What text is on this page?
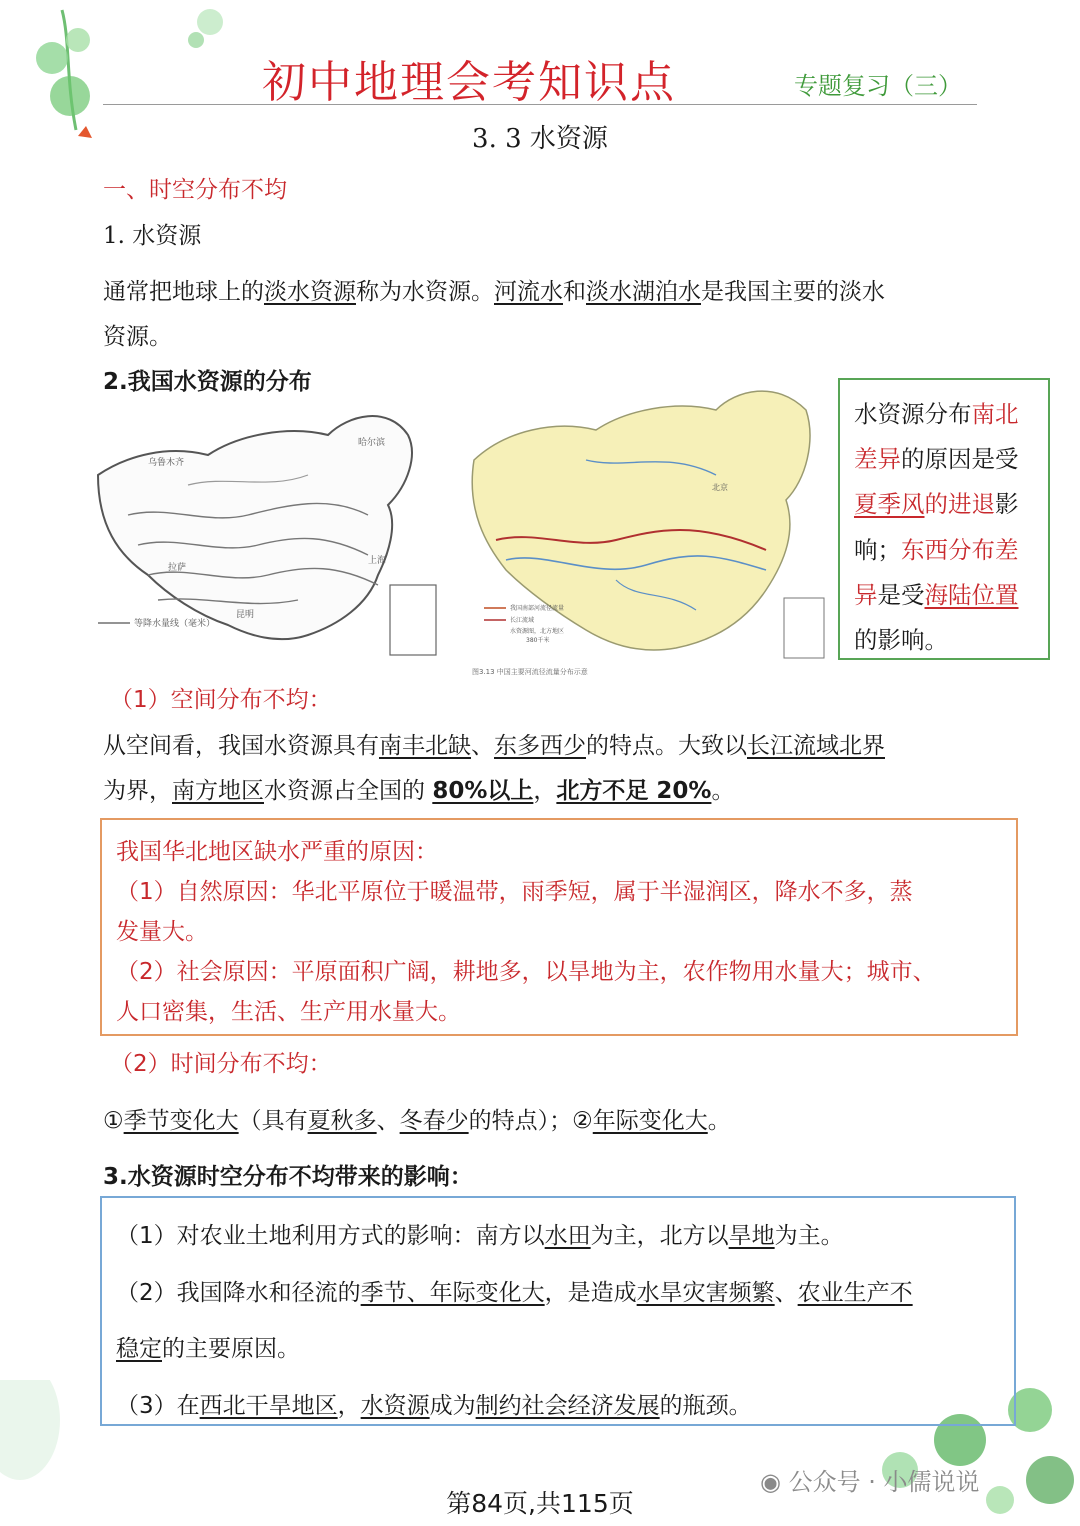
初中地理会考知识点	专题复习（三）
3. 3 水资源
一、时空分布不均
1. 水资源
通常把地球上的淡水资源称为水资源。河流水和淡水湖泊水是我国主要的淡水
资源。
2.我国水资源的分布
乌鲁木齐
哈尔滨
拉萨
上海
昆明
等降水量线（毫米）
北京
我国南部河流径流量
长江流域
水资源图，北方地区
380千米
图3.13 中国主要河流径流量分布示意
水资源分布南北
差异的原因是受
夏季风的进退影
响；东西分布差
异是受海陆位置
的影响。
（1）空间分布不均：
从空间看，我国水资源具有南丰北缺、东多西少的特点。大致以长江流域北界
为界，南方地区水资源占全国的 80%以上，北方不足 20%。
我国华北地区缺水严重的原因：
（1）自然原因：华北平原位于暖温带，雨季短，属于半湿润区，降水不多，蒸
发量大。
（2）社会原因：平原面积广阔，耕地多，以旱地为主，农作物用水量大；城市、
人口密集，生活、生产用水量大。
（2）时间分布不均：
①季节变化大（具有夏秋多、冬春少的特点）；②年际变化大。
3.水资源时空分布不均带来的影响：
（1）对农业土地利用方式的影响：南方以水田为主，北方以旱地为主。
（2）我国降水和径流的季节、年际变化大，是造成水旱灾害频繁、农业生产不
稳定的主要原因。
（3）在西北干旱地区，水资源成为制约社会经济发展的瓶颈。
◉ 公众号 · 小儒说说
第84页,共115页
